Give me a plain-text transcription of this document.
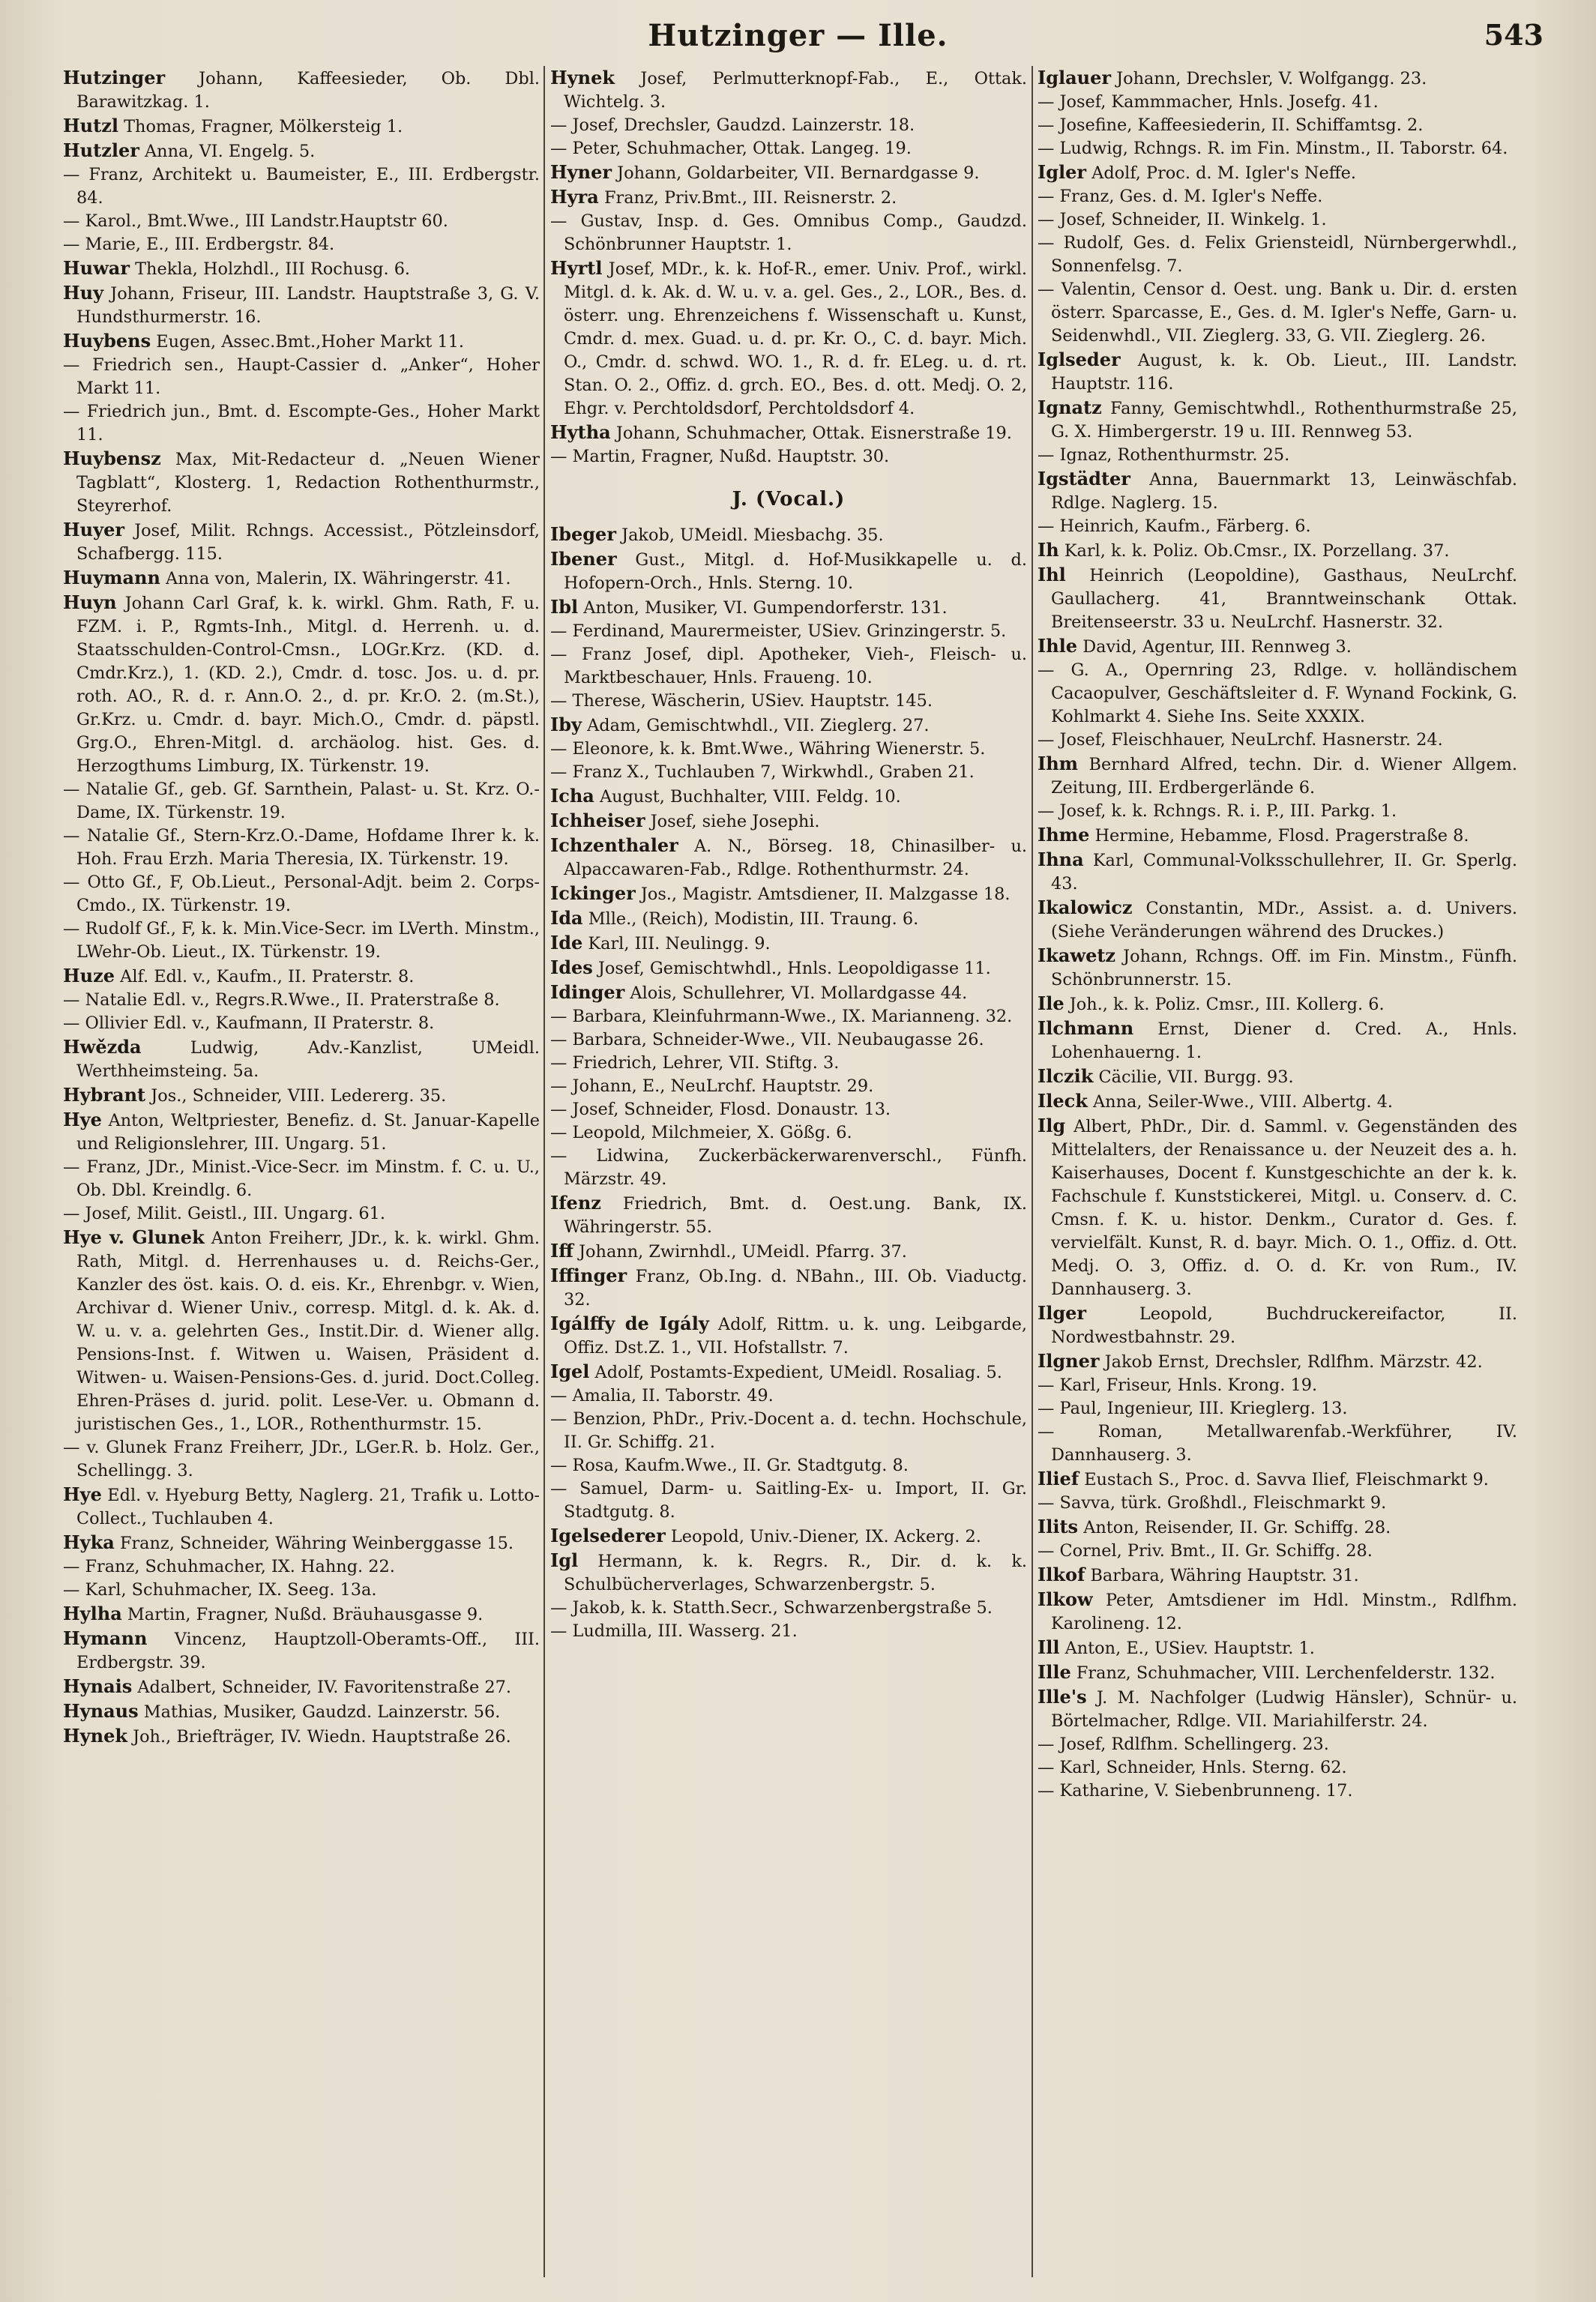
Hutzinger — Ille.	543

Hutzinger Johann, Kaffeesieder, Ob. Dbl. Barawitzkag. 1.

Hutzl Thomas, Fragner, Mölkersteig 1.

Hutzler Anna, VI. Engelg. 5.

— Franz, Architekt u. Baumeister, E., III. Erdbergstr. 84.

— Karol., Bmt.Wwe., III Landstr.Hauptstr 60.

— Marie, E., III. Erdbergstr. 84.

Huwar Thekla, Holzhdl., III Rochusg. 6.

Huy Johann, Friseur, III. Landstr. Hauptstraße 3, G. V. Hundsthurmerstr. 16.

Huybens Eugen, Assec.Bmt.,Hoher Markt 11.

— Friedrich sen., Haupt-Cassier d. „Anker“, Hoher Markt 11.

— Friedrich jun., Bmt. d. Escompte-Ges., Hoher Markt 11.

Huybensz Max, Mit-Redacteur d. „Neuen Wiener Tagblatt“, Klosterg. 1, Redaction Rothenthurmstr., Steyrerhof.

Huyer Josef, Milit. Rchngs. Accessist., Pötzleinsdorf, Schafbergg. 115.

Huymann Anna von, Malerin, IX. Währingerstr. 41.

Huyn Johann Carl Graf, k. k. wirkl. Ghm. Rath, F. u. FZM. i. P., Rgmts-Inh., Mitgl. d. Herrenh. u. d. Staatsschulden-Control-Cmsn., LOGr.Krz. (KD. d. Cmdr.Krz.), 1. (KD. 2.), Cmdr. d. tosc. Jos. u. d. pr. roth. AO., R. d. r. Ann.O. 2., d. pr. Kr.O. 2. (m.St.), Gr.Krz. u. Cmdr. d. bayr. Mich.O., Cmdr. d. päpstl. Grg.O., Ehren-Mitgl. d. archäolog. hist. Ges. d. Herzogthums Limburg, IX. Türkenstr. 19.

— Natalie Gf., geb. Gf. Sarnthein, Palast- u. St. Krz. O.-Dame, IX. Türkenstr. 19.

— Natalie Gf., Stern-Krz.O.-Dame, Hofdame Ihrer k. k. Hoh. Frau Erzh. Maria Theresia, IX. Türkenstr. 19.

— Otto Gf., F, Ob.Lieut., Personal-Adjt. beim 2. Corps-Cmdo., IX. Türkenstr. 19.

— Rudolf Gf., F, k. k. Min.Vice-Secr. im LVerth. Minstm., LWehr-Ob. Lieut., IX. Türkenstr. 19.

Huze Alf. Edl. v., Kaufm., II. Praterstr. 8.

— Natalie Edl. v., Regrs.R.Wwe., II. Praterstraße 8.

— Ollivier Edl. v., Kaufmann, II Praterstr. 8.

Hwězda	Ludwig, Adv.-Kanzlist, UMeidl. Werthheimsteing. 5a.

Hybrant Jos., Schneider, VIII. Ledererg. 35.

Hye Anton, Weltpriester, Benefiz. d. St. Januar-Kapelle und Religionslehrer, III. Ungarg. 51.

— Franz, JDr., Minist.-Vice-Secr. im Minstm. f. C. u. U., Ob. Dbl. Kreindlg. 6.

— Josef, Milit. Geistl., III. Ungarg. 61.

Hye v. Glunek Anton Freiherr, JDr., k. k. wirkl. Ghm. Rath, Mitgl. d. Herrenhauses u. d. Reichs-Ger., Kanzler des öst. kais. O. d. eis. Kr., Ehrenbgr. v. Wien, Archivar d. Wiener Univ., corresp. Mitgl. d. k. Ak. d. W. u. v. a. gelehrten Ges., Instit.Dir. d. Wiener allg. Pensions-Inst. f. Witwen u. Waisen, Präsident d. Witwen- u. Waisen-Pensions-Ges. d. jurid. Doct.Colleg. Ehren-Präses d. jurid. polit. Lese-Ver. u. Obmann d. juristischen Ges., 1., LOR., Rothenthurmstr. 15.

— v. Glunek Franz Freiherr, JDr., LGer.R. b. Holz. Ger., Schellingg. 3.

Hye Edl. v. Hyeburg Betty, Naglerg. 21, Trafik u. Lotto-Collect., Tuchlauben 4.

Hyka Franz, Schneider, Währing Weinberggasse 15.

— Franz, Schuhmacher, IX. Hahng. 22.

— Karl, Schuhmacher, IX. Seeg. 13a.

Hylha Martin, Fragner, Nußd. Bräuhausgasse 9.

Hymann Vincenz, Hauptzoll-Oberamts-Off., III. Erdbergstr. 39.

Hynais Adalbert, Schneider, IV. Favoritenstraße 27.

Hynaus Mathias, Musiker, Gaudzd. Lainzerstr. 56.

Hynek Joh., Briefträger, IV. Wiedn. Hauptstraße 26.

Hynek Josef, Perlmutterknopf-Fab., E., Ottak. Wichtelg. 3.

— Josef, Drechsler, Gaudzd. Lainzerstr. 18.

— Peter, Schuhmacher, Ottak. Langeg. 19.

Hyner Johann, Goldarbeiter, VII. Bernardgasse 9.

Hyra Franz, Priv.Bmt., III. Reisnerstr. 2.

— Gustav, Insp. d. Ges. Omnibus Comp., Gaudzd. Schönbrunner Hauptstr. 1.

Hyrtl Josef, MDr., k. k. Hof-R., emer. Univ. Prof., wirkl. Mitgl. d. k. Ak. d. W. u. v. a. gel. Ges., 2., LOR., Bes. d. österr. ung. Ehrenzeichens f. Wissenschaft u. Kunst, Cmdr. d. mex. Guad. u. d. pr. Kr. O., C. d. bayr. Mich. O., Cmdr. d. schwd. WO. 1., R. d. fr. ELeg. u. d. rt. Stan. O. 2., Offiz. d. grch. EO., Bes. d. ott. Medj. O. 2, Ehgr. v. Perchtoldsdorf, Perchtoldsdorf 4.

Hytha Johann, Schuhmacher, Ottak. Eisnerstraße 19.

— Martin, Fragner, Nußd. Hauptstr. 30.

J. (Vocal.)

Ibeger Jakob, UMeidl. Miesbachg. 35.

Ibener Gust., Mitgl. d. Hof-Musikkapelle u. d. Hofopern-Orch., Hnls. Sterng. 10.

Ibl Anton, Musiker, VI. Gumpendorferstr. 131.

— Ferdinand, Maurermeister, USiev. Grinzingerstr. 5.

— Franz Josef, dipl. Apotheker, Vieh-, Fleisch- u. Marktbeschauer, Hnls. Fraueng. 10.

— Therese, Wäscherin, USiev. Hauptstr. 145.

Iby Adam, Gemischtwhdl., VII. Zieglerg. 27.

— Eleonore, k. k. Bmt.Wwe., Währing Wienerstr. 5.

— Franz X., Tuchlauben 7, Wirkwhdl., Graben 21.

Icha August, Buchhalter, VIII. Feldg. 10.

Ichheiser Josef, siehe Josephi.

Ichzenthaler A. N., Börseg. 18, Chinasilber- u. Alpaccawaren-Fab., Rdlge. Rothenthurmstr. 24.

Ickinger Jos., Magistr. Amtsdiener, II. Malzgasse 18.

Ida Mlle., (Reich), Modistin, III. Traung. 6.

Ide Karl, III. Neulingg. 9.

Ides Josef, Gemischtwhdl., Hnls. Leopoldigasse 11.

Idinger Alois, Schullehrer, VI. Mollardgasse 44.

— Barbara, Kleinfuhrmann-Wwe., IX. Marianneng. 32.

— Barbara, Schneider-Wwe., VII. Neubaugasse 26.

— Friedrich, Lehrer, VII. Stiftg. 3.

— Johann, E., NeuLrchf. Hauptstr. 29.

— Josef, Schneider, Flosd. Donaustr. 13.

— Leopold, Milchmeier, X. Gößg. 6.

— Lidwina, Zuckerbäckerwarenverschl., Fünfh. Märzstr. 49.

Ifenz Friedrich, Bmt. d. Oest.ung. Bank, IX. Währingerstr. 55.

Iff Johann, Zwirnhdl., UMeidl. Pfarrg. 37.

Iffinger Franz, Ob.Ing. d. NBahn., III. Ob. Viaductg. 32.

Igálffy de Igály Adolf, Rittm. u. k. ung. Leibgarde, Offiz. Dst.Z. 1., VII. Hofstallstr. 7.

Igel Adolf, Postamts-Expedient, UMeidl. Rosaliag. 5.

— Amalia, II. Taborstr. 49.

— Benzion, PhDr., Priv.-Docent a. d. techn. Hochschule, II. Gr. Schiffg. 21.

— Rosa, Kaufm.Wwe., II. Gr. Stadtgutg. 8.

— Samuel, Darm- u. Saitling-Ex- u. Import, II. Gr. Stadtgutg. 8.

Igelsederer Leopold, Univ.-Diener, IX. Ackerg. 2.

Igl Hermann, k. k. Regrs. R., Dir. d. k. k. Schulbücherverlages, Schwarzenbergstr. 5.

— Jakob, k. k. Statth.Secr., Schwarzenbergstraße 5.

— Ludmilla, III. Wasserg. 21.

Iglauer Johann, Drechsler, V. Wolfgangg. 23.

— Josef, Kammmacher, Hnls. Josefg. 41.

— Josefine, Kaffeesiederin, II. Schiffamtsg. 2.

— Ludwig, Rchngs. R. im Fin. Minstm., II. Taborstr. 64.

Igler Adolf, Proc. d. M. Igler's Neffe.

— Franz, Ges. d. M. Igler's Neffe.

— Josef, Schneider, II. Winkelg. 1.

— Rudolf, Ges. d. Felix Griensteidl, Nürnbergerwhdl., Sonnenfelsg. 7.

— Valentin, Censor d. Oest. ung. Bank u. Dir. d. ersten österr. Sparcasse, E., Ges. d. M. Igler's Neffe, Garn- u. Seidenwhdl., VII. Zieglerg. 33, G. VII. Zieglerg. 26.

Iglseder August, k. k. Ob. Lieut., III. Landstr. Hauptstr. 116.

Ignatz Fanny, Gemischtwhdl., Rothenthurmstraße 25, G. X. Himbergerstr. 19 u. III. Rennweg 53.

— Ignaz, Rothenthurmstr. 25.

Igstädter Anna, Bauernmarkt 13, Leinwäschfab. Rdlge. Naglerg. 15.

— Heinrich, Kaufm., Färberg. 6.

Ih Karl, k. k. Poliz. Ob.Cmsr., IX. Porzellang. 37.

Ihl Heinrich (Leopoldine), Gasthaus, NeuLrchf. Gaullacherg. 41, Branntweinschank Ottak. Breitenseerstr. 33 u. NeuLrchf. Hasnerstr. 32.

Ihle David, Agentur, III. Rennweg 3.

— G. A., Opernring 23, Rdlge. v. holländischem Cacaopulver, Geschäftsleiter d. F. Wynand Fockink, G. Kohlmarkt 4. Siehe Ins. Seite XXXIX.

— Josef, Fleischhauer, NeuLrchf. Hasnerstr. 24.

Ihm Bernhard Alfred, techn. Dir. d. Wiener Allgem. Zeitung, III. Erdbergerlände 6.

— Josef, k. k. Rchngs. R. i. P., III. Parkg. 1.

Ihme Hermine, Hebamme, Flosd. Pragerstraße 8.

Ihna Karl, Communal-Volksschullehrer, II. Gr. Sperlg. 43.

Ikalowicz Constantin, MDr., Assist. a. d. Univers. (Siehe Veränderungen während des Druckes.)

Ikawetz Johann, Rchngs. Off. im Fin. Minstm., Fünfh. Schönbrunnerstr. 15.

Ile Joh., k. k. Poliz. Cmsr., III. Kollerg. 6.

Ilchmann Ernst, Diener d. Cred. A., Hnls. Lohenhauerng. 1.

Ilczik Cäcilie, VII. Burgg. 93.

Ileck Anna, Seiler-Wwe., VIII. Albertg. 4.

Ilg Albert, PhDr., Dir. d. Samml. v. Gegenständen des Mittelalters, der Renaissance u. der Neuzeit des a. h. Kaiserhauses, Docent f. Kunstgeschichte an der k. k. Fachschule f. Kunststickerei, Mitgl. u. Conserv. d. C. Cmsn. f. K. u. histor. Denkm., Curator d. Ges. f. vervielfält. Kunst, R. d. bayr. Mich. O. 1., Offiz. d. Ott. Medj. O. 3, Offiz. d. O. d. Kr. von Rum., IV. Dannhauserg. 3.

Ilger	Leopold, Buchdruckereifactor, II. Nordwestbahnstr. 29.

Ilgner Jakob Ernst, Drechsler, Rdlfhm. Märzstr. 42.

— Karl, Friseur, Hnls. Krong. 19.

— Paul, Ingenieur, III. Krieglerg. 13.

— Roman, Metallwarenfab.-Werkführer, IV. Dannhauserg. 3.

Ilief Eustach S., Proc. d. Savva Ilief, Fleischmarkt 9.

— Savva, türk. Großhdl., Fleischmarkt 9.

Ilits Anton, Reisender, II. Gr. Schiffg. 28.

— Cornel, Priv. Bmt., II. Gr. Schiffg. 28.

Ilkof Barbara, Währing Hauptstr. 31.

Ilkow Peter, Amtsdiener im Hdl. Minstm., Rdlfhm. Karolineng. 12.

Ill Anton, E., USiev. Hauptstr. 1.

Ille Franz, Schuhmacher, VIII. Lerchenfelderstr. 132.

Ille's J. M. Nachfolger (Ludwig Hänsler), Schnür- u. Börtelmacher, Rdlge. VII. Mariahilferstr. 24.

— Josef, Rdlfhm. Schellingerg. 23.

— Karl, Schneider, Hnls. Sterng. 62.

— Katharine, V. Siebenbrunneng. 17.
